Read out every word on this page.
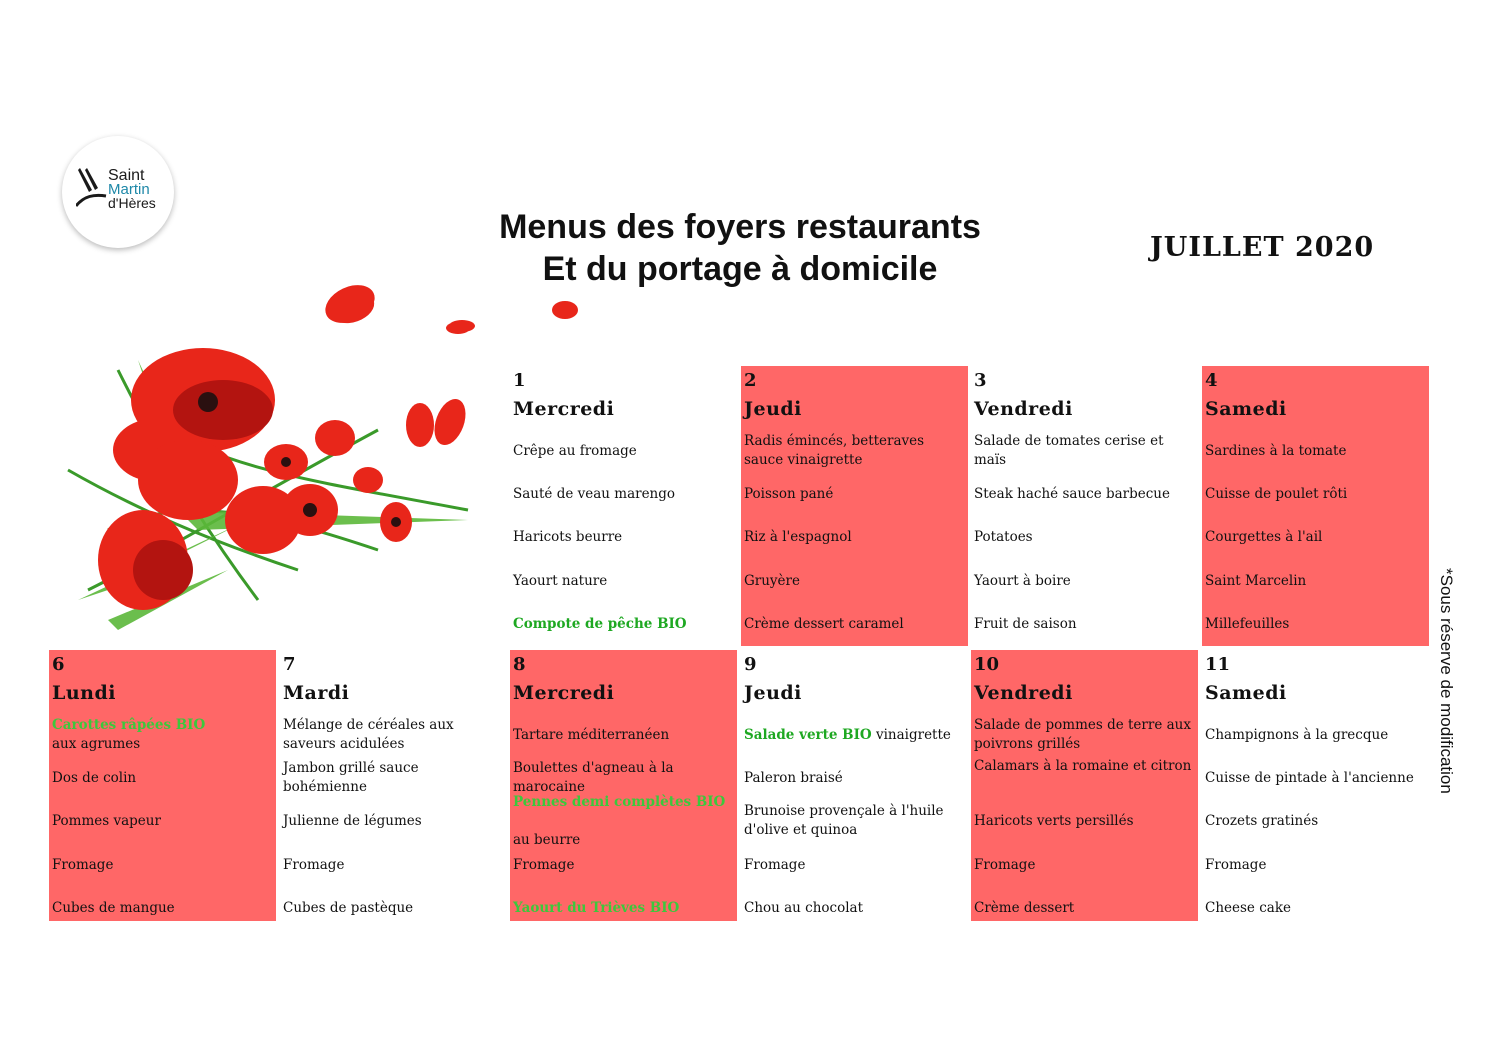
Saint
Martin
d'Hères
Menus des foyers restaurants
Et du portage à domicile
JUILLET 2020
*Sous réserve de modification
1
Mercredi
Crêpe au fromage
Sauté de veau marengo
Haricots beurre
Yaourt nature
Compote de pêche BIO
2
Jeudi
Radis émincés, betteraves sauce vinaigrette
Poisson pané
Riz à l'espagnol
Gruyère
Crème dessert caramel
3
Vendredi
Salade de tomates cerise et maïs
Steak haché sauce barbecue
Potatoes
Yaourt à boire
Fruit de saison
4
Samedi
Sardines à la tomate
Cuisse de poulet rôti
Courgettes à l'ail
Saint Marcelin
Millefeuilles
6
Lundi
Carottes râpées BIO
aux agrumes
Dos de colin
Pommes vapeur
Fromage
Cubes de mangue
7
Mardi
Mélange de céréales aux saveurs acidulées
Jambon grillé sauce bohémienne
Julienne de légumes
Fromage
Cubes de pastèque
8
Mercredi
Tartare méditerranéen
Boulettes d'agneau à la marocaine
Pennes demi complètes BIO

au beurre
Fromage
Yaourt du Trièves BIO
9
Jeudi
Salade verte BIO vinaigrette
Paleron braisé
Brunoise provençale à l'huile d'olive et quinoa
Fromage
Chou au chocolat
10
Vendredi
Salade de pommes de terre aux poivrons grillés
Calamars à la romaine et citron
Haricots verts persillés
Fromage
Crème dessert
11
Samedi
Champignons à la grecque
Cuisse de pintade à l'ancienne
Crozets gratinés
Fromage
Cheese cake
